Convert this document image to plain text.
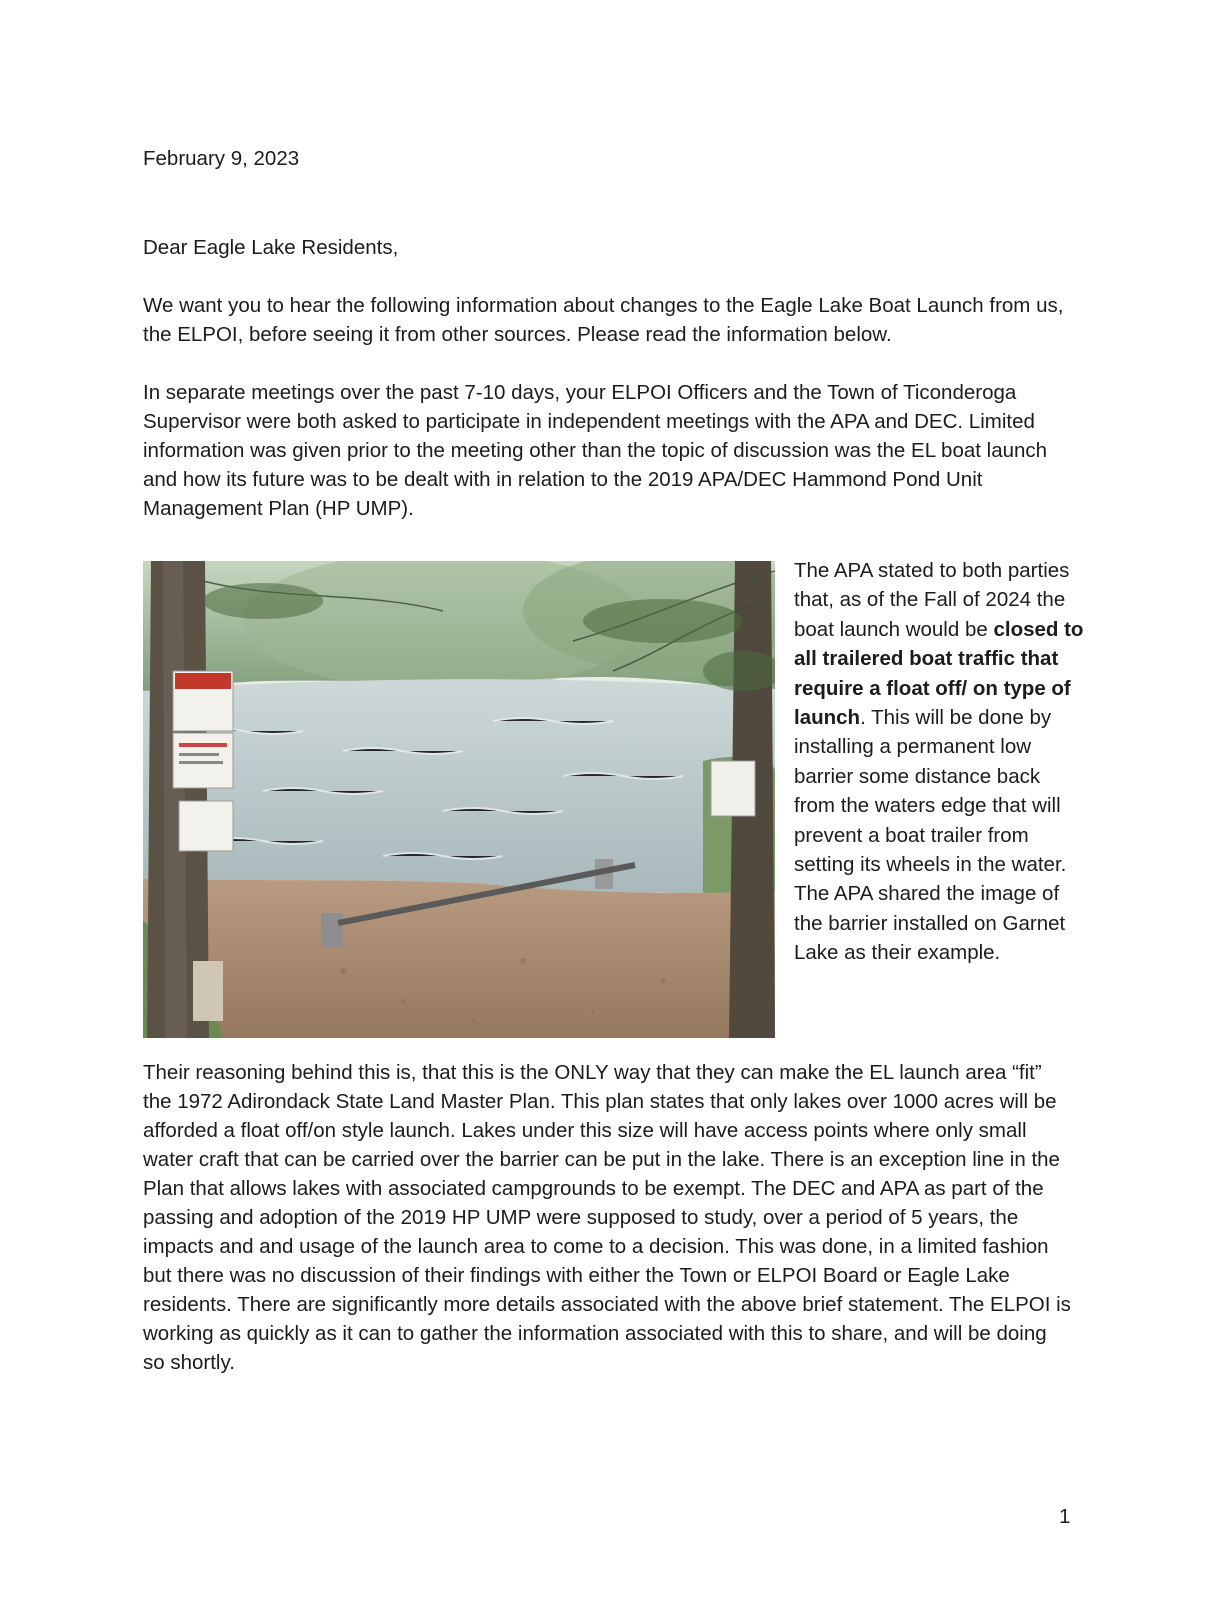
February 9, 2023
Dear Eagle Lake Residents,
We want you to hear the following information about changes to the Eagle Lake Boat Launch from us, the ELPOI, before seeing it from other sources. Please read the information below.
In separate meetings over the past 7-10 days, your ELPOI Officers and the Town of Ticonderoga Supervisor were both asked to participate in independent meetings with the APA and DEC. Limited information was given prior to the meeting other than the topic of discussion was the EL boat launch and how its future was to be dealt with in relation to the 2019 APA/DEC Hammond Pond Unit Management Plan (HP UMP).
The APA stated to both parties that, as of the Fall of 2024 the boat launch would be closed to all trailered boat traffic that require a float off/ on type of launch. This will be done by installing a permanent low barrier some distance back from the waters edge that will prevent a boat trailer from setting its wheels in the water. The APA shared the image of the barrier installed on Garnet Lake as their example.
Their reasoning behind this is, that this is the ONLY way that they can make the EL launch area “fit” the 1972 Adirondack State Land Master Plan. This plan states that only lakes over 1000 acres will be afforded a float off/on style launch. Lakes under this size will have access points where only small water craft that can be carried over the barrier can be put in the lake. There is an exception line in the Plan that allows lakes with associated campgrounds to be exempt. The DEC and APA as part of the passing and adoption of the 2019 HP UMP were supposed to study, over a period of 5 years, the impacts and and usage of the launch area to come to a decision. This was done, in a limited fashion but there was no discussion of their findings with either the Town or ELPOI Board or Eagle Lake residents. There are significantly more details associated with the above brief statement. The ELPOI is working as quickly as it can to gather the information associated with this to share, and will be doing so shortly.
1
